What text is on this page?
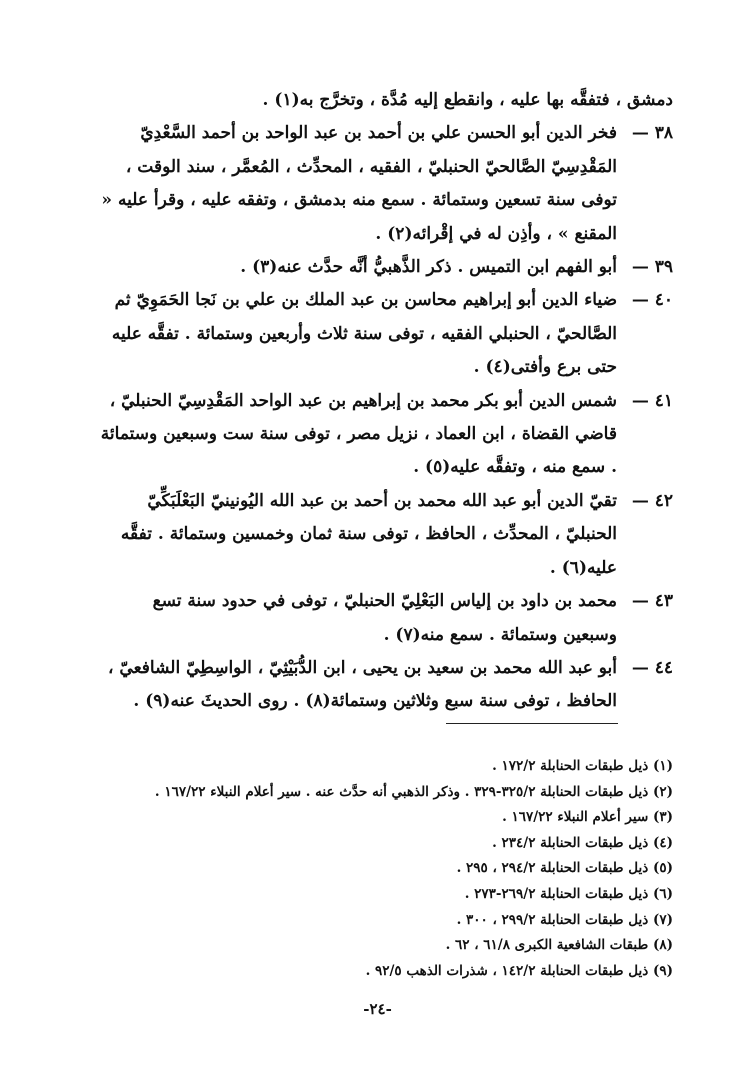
دمشق ، فتفقَّه بها عليه ، وانقطع إليه مُدَّة ، وتخرَّج به(١) .

٣٨ —
فخر الدين أبو الحسن علي بن أحمد بن عبد الواحد بن أحمد السَّعْدِيّ المَقْدِسِيّ الصَّالحيّ الحنبليّ ، الفقيه ، المحدِّث ، المُعمَّر ، سند الوقت ، توفى سنة تسعين وستمائة . سمع منه بدمشق ، وتفقه عليه ، وقرأ عليه « المقنع » ، وأذِن له في إقْرائه(٢) .
٣٩ —
أبو الفهم ابن التميس . ذكر الذَّهبيُّ أنَّه حدَّث عنه(٣) .
٤٠ —
ضياء الدين أبو إبراهيم محاسن بن عبد الملك بن علي بن نَجا الحَمَوِيّ ثم الصَّالحيّ ، الحنبلي الفقيه ، توفى سنة ثلاث وأربعين وستمائة . تفقَّه عليه حتى برع وأفتى(٤) .
٤١ —
شمس الدين أبو بكر محمد بن إبراهيم بن عبد الواحد المَقْدِسِيّ الحنبليّ ، قاضي القضاة ، ابن العماد ، نزيل مصر ، توفى سنة ست وسبعين وستمائة . سمع منه ، وتفقَّه عليه(٥) .
٤٢ —
تقيّ الدين أبو عبد الله محمد بن أحمد بن عبد الله اليُونينيّ البَعْلَبَكِّيّ الحنبليّ ، المحدِّث ، الحافظ ، توفى سنة ثمان وخمسين وستمائة . تفقَّه عليه(٦) .
٤٣ —
محمد بن داود بن إلياس البَعْلِيّ الحنبليّ ، توفى في حدود سنة تسع وسبعين وستمائة . سمع منه(٧) .
٤٤ —
أبو عبد الله محمد بن سعيد بن يحيى ، ابن الدُّبَيْثِيّ ، الواسِطِيّ الشافعيّ ، الحافظ ، توفى سنة سبع وثلاثين وستمائة(٨) . روى الحديثَ عنه(٩) .
(١) ذيل طبقات الحنابلة ١٧٢/٢ .
(٢) ذيل طبقات الحنابلة ٣٢٥/٢-٣٢٩ . وذكر الذهبي أنه حدَّث عنه . سير أعلام النبلاء ١٦٧/٢٢ .
(٣) سير أعلام النبلاء ١٦٧/٢٢ .
(٤) ذيل طبقات الحنابلة ٢٣٤/٢ .
(٥) ذيل طبقات الحنابلة ٢٩٤/٢ ، ٢٩٥ .
(٦) ذيل طبقات الحنابلة ٢٦٩/٢-٢٧٣ .
(٧) ذيل طبقات الحنابلة ٢٩٩/٢ ، ٣٠٠ .
(٨) طبقات الشافعية الكبرى ٦١/٨ ، ٦٢ .
(٩) ذيل طبقات الحنابلة ١٤٢/٢ ، شذرات الذهب ٩٢/٥ .
-٢٤-
